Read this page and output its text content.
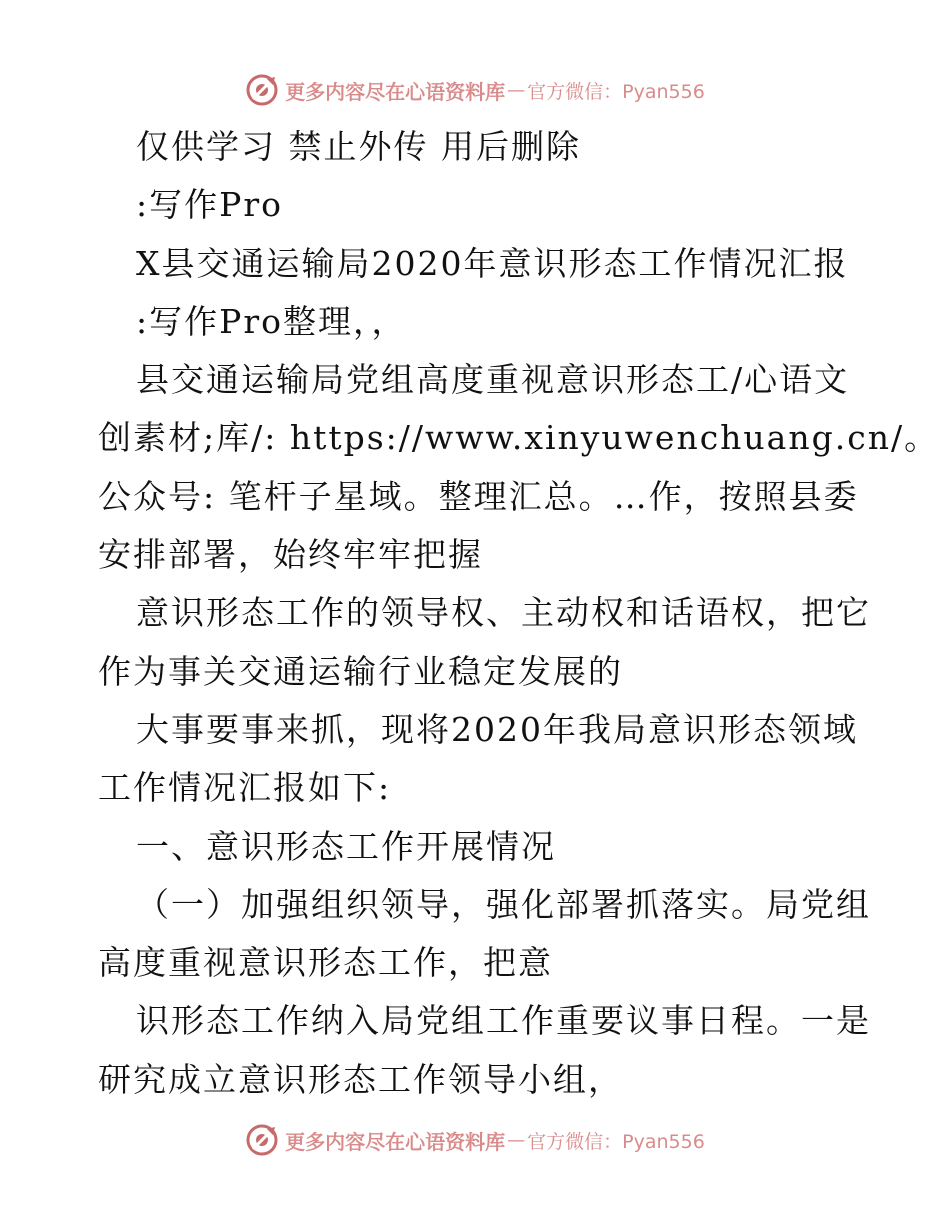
更多内容尽在心语资料库 — 官方微信：Pyan556

仅供学习 禁止外传 用后删除

:写作Pro

X县交通运输局2020年意识形态工作情况汇报

:写作Pro整理，，

县交通运输局党组高度重视意识形态工/心语文

创素材;库/: https://www.xinyuwenchuang.cn/。

公众号: 笔杆子星域。整理汇总。…作，按照县委

安排部署，始终牢牢把握

意识形态工作的领导权、主动权和话语权，把它

作为事关交通运输行业稳定发展的

大事要事来抓，现将2020年我局意识形态领域

工作情况汇报如下:

一、意识形态工作开展情况

（一）加强组织领导，强化部署抓落实。局党组

高度重视意识形态工作，把意

识形态工作纳入局党组工作重要议事日程。一是

研究成立意识形态工作领导小组，

更多内容尽在心语资料库 — 官方微信：Pyan556
